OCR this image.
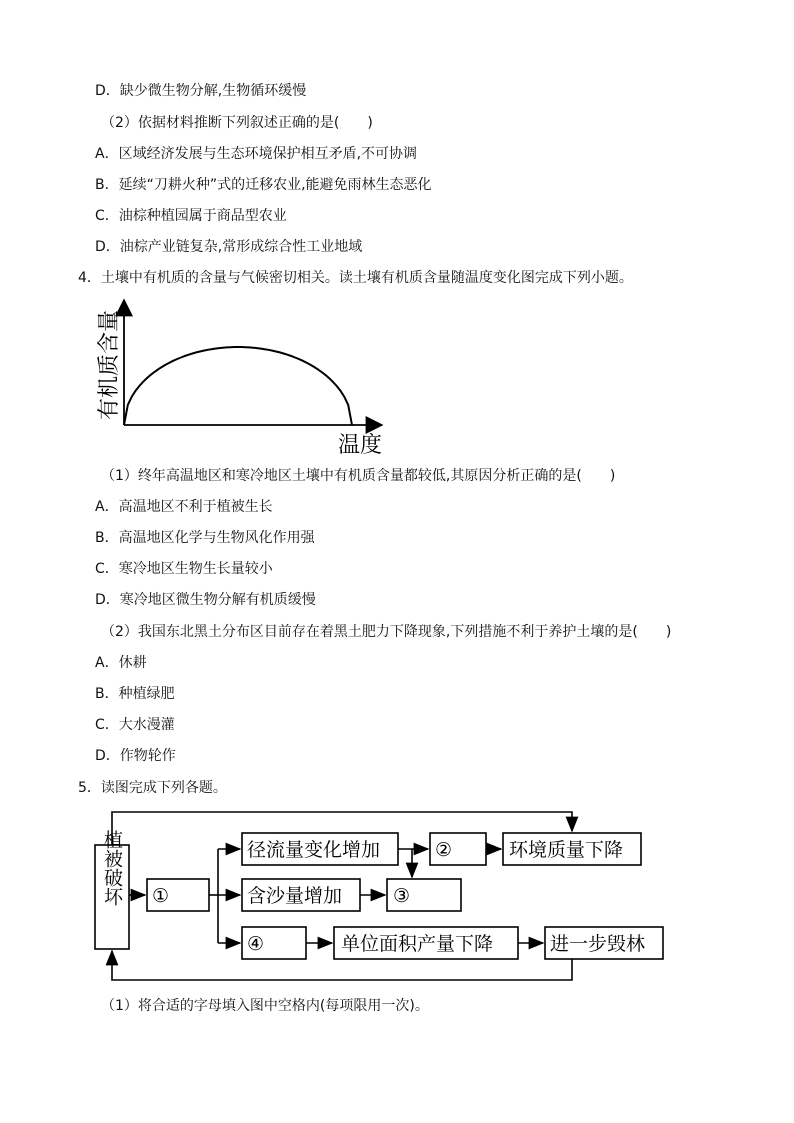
D．缺少微生物分解,生物循环缓慢
（2）依据材料推断下列叙述正确的是(　　)
A．区域经济发展与生态环境保护相互矛盾,不可协调
B．延续“刀耕火种”式的迁移农业,能避免雨林生态恶化
C．油棕种植园属于商品型农业
D．油棕产业链复杂,常形成综合性工业地域
4．土壤中有机质的含量与气候密切相关。读土壤有机质含量随温度变化图完成下列小题。
有机质含量
温度
（1）终年高温地区和寒冷地区土壤中有机质含量都较低,其原因分析正确的是(　　)
A．高温地区不利于植被生长
B．高温地区化学与生物风化作用强
C．寒冷地区生物生长量较小
D．寒冷地区微生物分解有机质缓慢
（2）我国东北黑土分布区目前存在着黑土肥力下降现象,下列措施不利于养护土壤的是(　　)
A．休耕
B．种植绿肥
C．大水漫灌
D．作物轮作
5．读图完成下列各题。
植被破坏 ①
径流量变化增加	②	环境质量下降
含沙量增加	③
④	单位面积产量下降	进一步毁林
（1）将合适的字母填入图中空格内(每项限用一次)。
